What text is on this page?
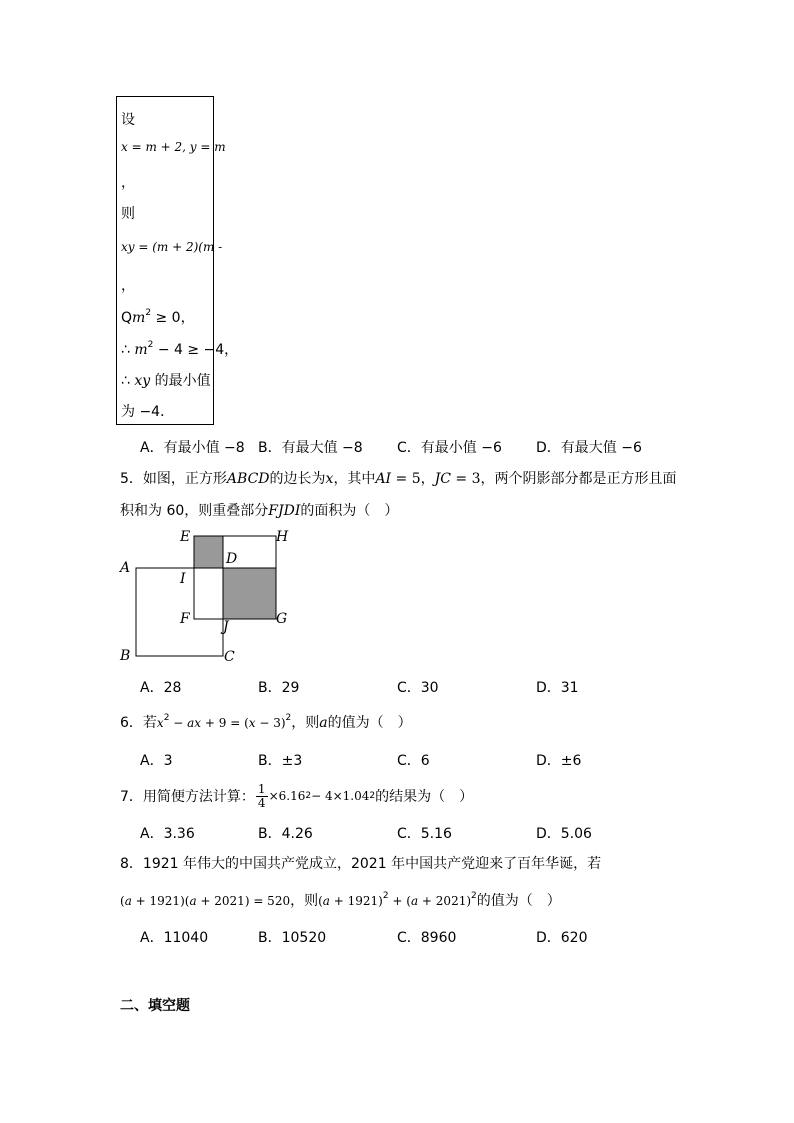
设
x = m + 2, y = m
，
则
xy = (m + 2)(m -
，
$Qm^2 \ge 0$，
∴ $m^2 - 4 \ge -4$，
∴ xy 的最小值
为 −4．
A．有最小值 −8 B．有最大值 −8 C．有最小值 −6 D．有最大值 −6
5．如图，正方形ABCD的边长为x，其中AI = 5，JC = 3，两个阴影部分都是正方形且面
积和为 60，则重叠部分FJDI的面积为（　）
E	H
A
D
I
F J	G
B	C
A．28	B．29	C．30	D．31
6．若$x^2$ − ax + $9 = (x - 3)^2$，则a的值为（　）
A．3	B．±3	C．6	D．±6
7．用简便方法计算： $\frac{1}{4} \times 6.16$ 2 − 4×1.04 2 的结果为（　）
A．3.36	B．4.26	C．5.16	D．5.06
8．1921 年伟大的中国共产党成立，2021 年中国共产党迎来了百年华诞，若
(a + 1921)(a + 2021) = 520，则$(a + 1921)^2 + (a + 2021)^2$的值为（　）
A．11040	B．10520	C．8960	D．620
二、填空题
